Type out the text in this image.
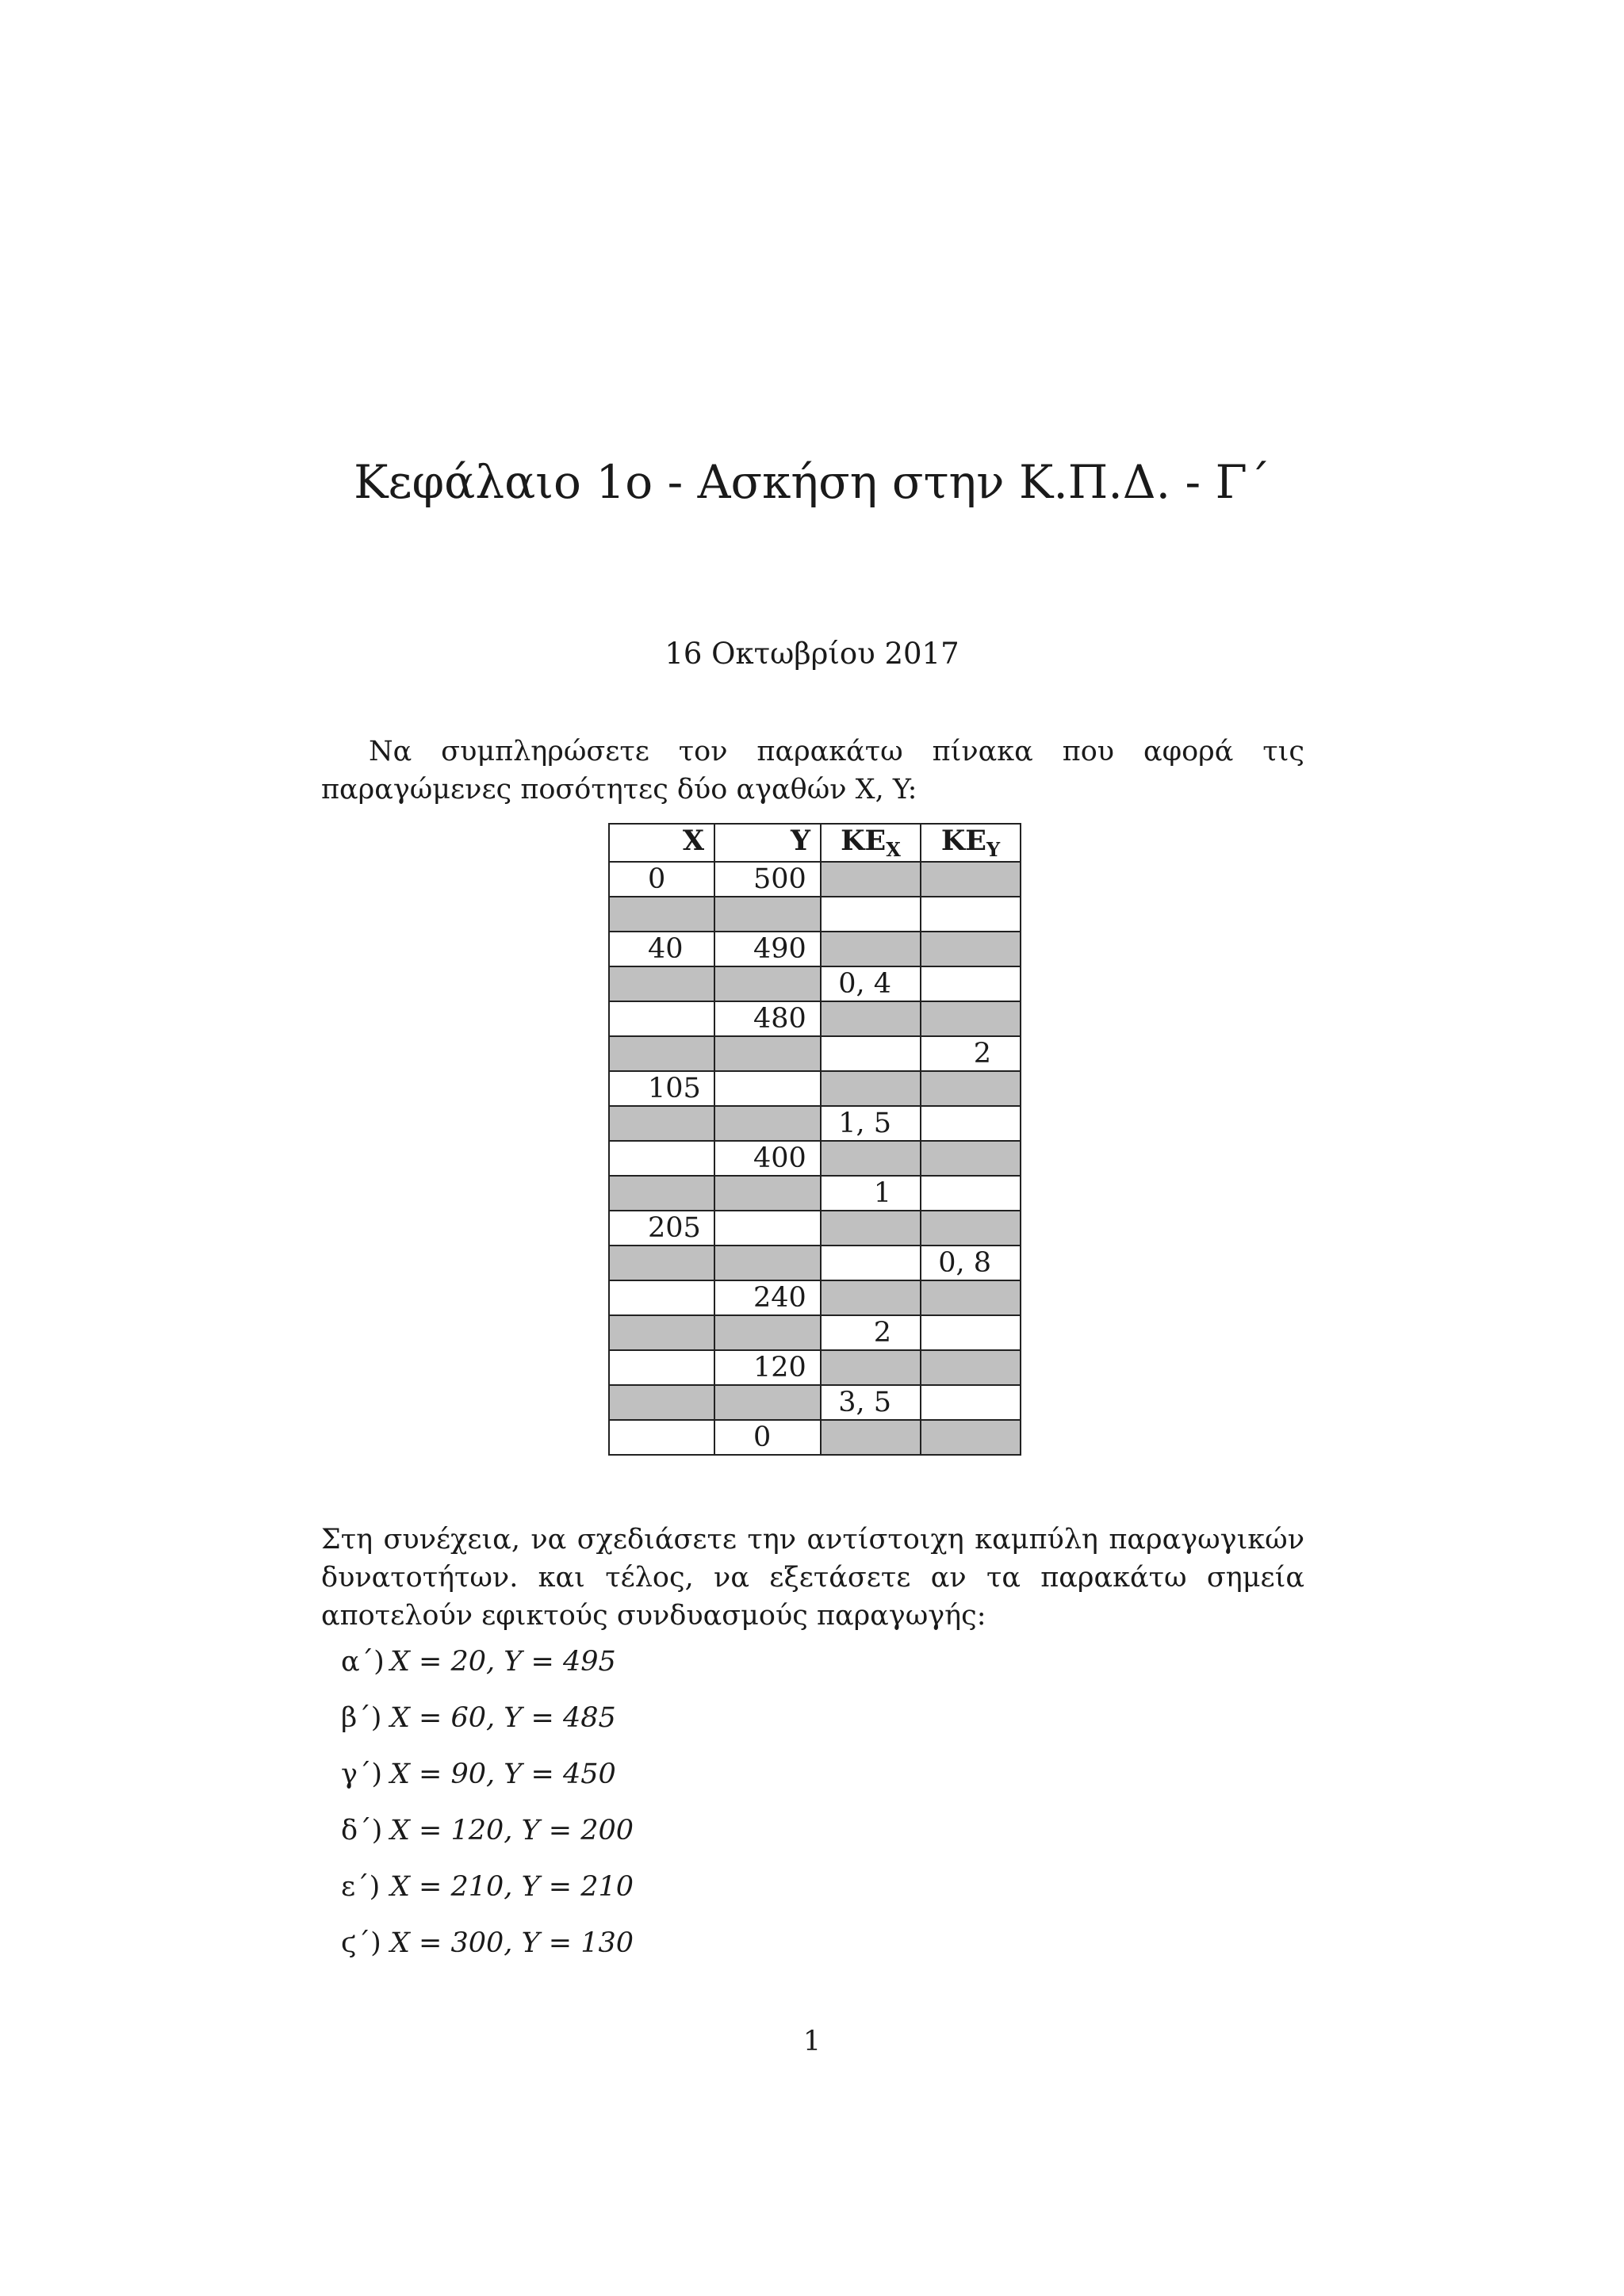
Κεφάλαιο 1ο - Ασκήση στην Κ.Π.Δ. - Γ΄
16 Οκτωβρίου 2017
Να συμπληρώσετε τον παρακάτω πίνακα που αφορά τις παραγώμενες ποσότητες δύο αγαθών X, Y:
X	Y	$KE_X$	$KE_Y$
0	500		

40	490		
		0, 4	
	480		
			2
105			
		1, 5	
	400		
		1	
205			
			0, 8
	240		
		2	
	120		
		3, 5	
	0		
Στη συνέχεια, να σχεδιάσετε την αντίστοιχη καμπύλη παραγωγικών δυνατοτήτων. και τέλος, να εξετάσετε αν τα παρακάτω σημεία αποτελούν εφικτούς συνδυασμούς παραγωγής:
α΄) X = 20, Y = 495
β΄) X = 60, Y = 485
γ΄) X = 90, Y = 450
δ΄) X = 120, Y = 200
ε΄) X = 210, Y = 210
ϛ΄) X = 300, Y = 130
1
